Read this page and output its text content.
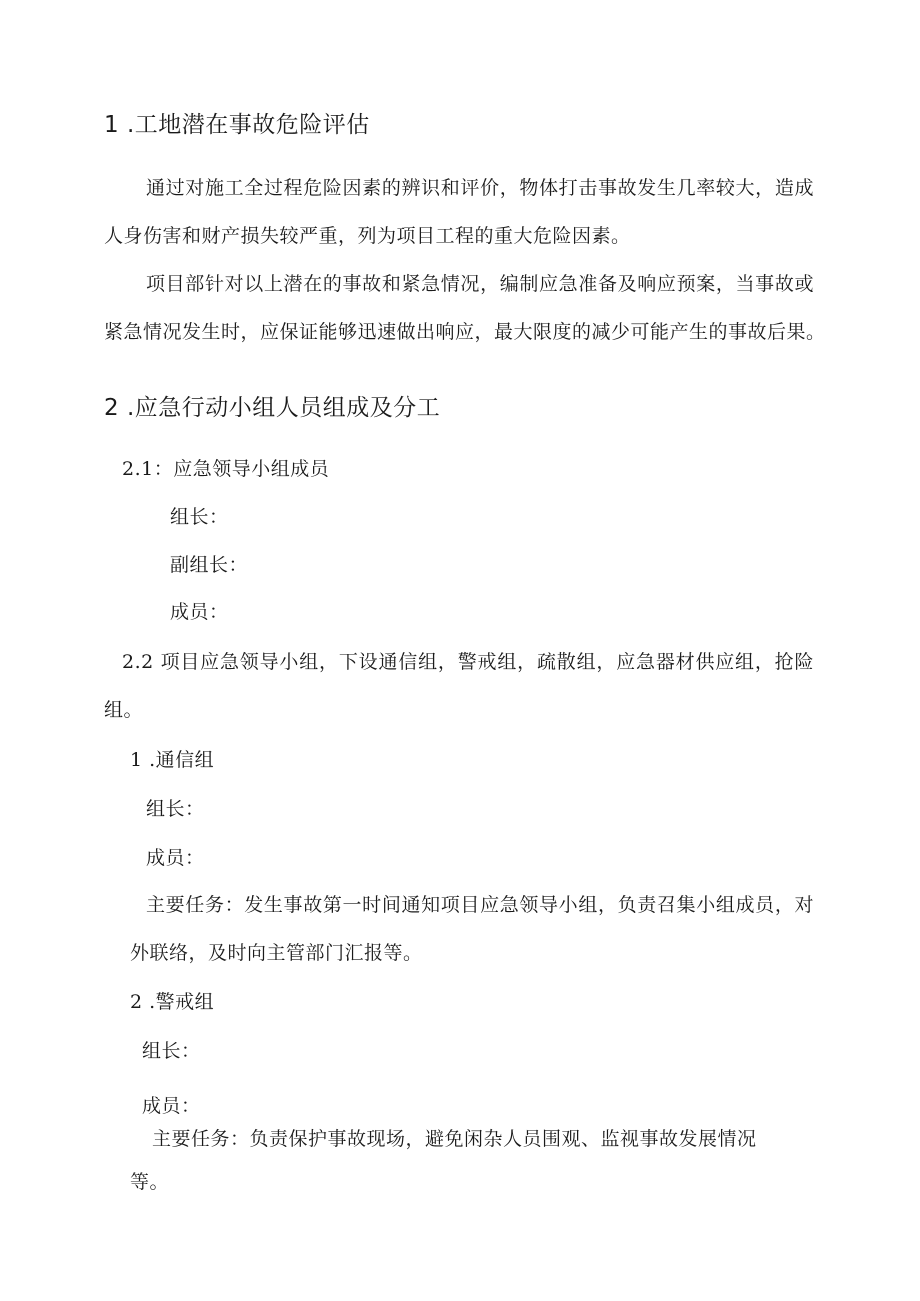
1 .工地潜在事故危险评估
通过对施工全过程危险因素的辨识和评价，物体打击事故发生几率较大，造成
人身伤害和财产损失较严重，列为项目工程的重大危险因素。
项目部针对以上潜在的事故和紧急情况，编制应急准备及响应预案，当事故或
紧急情况发生时，应保证能够迅速做出响应，最大限度的减少可能产生的事故后果。
2 .应急行动小组人员组成及分工
2.1：应急领导小组成员
组长：
副组长：
成员：
2.2 项目应急领导小组，下设通信组，警戒组，疏散组，应急器材供应组，抢险
组。
1 .通信组
组长：
成员：
主要任务：发生事故第一时间通知项目应急领导小组，负责召集小组成员，对
外联络，及时向主管部门汇报等。
2 .警戒组
组长：
成员：
主要任务：负责保护事故现场，避免闲杂人员围观、监视事故发展情况
等。
